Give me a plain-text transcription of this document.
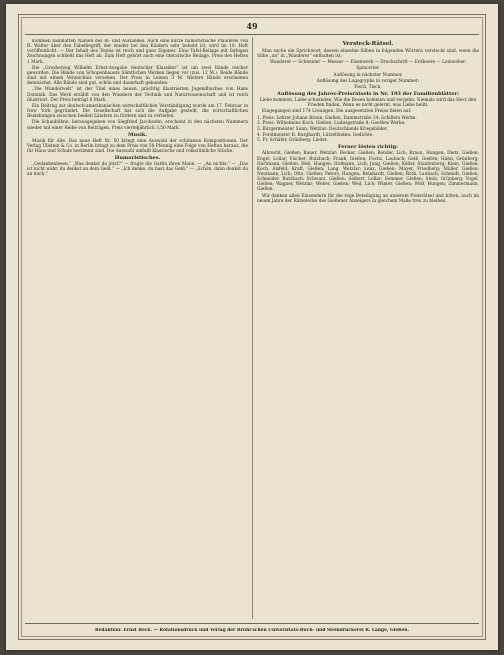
49

kommen namhaften Namen des In- und Auslandes. Auch eine kurze humoristische Plauderei von R. Walter über den Fabelbegriff, der wieder bei den Kindern sehr beliebt ist, wird im 10. Heft veröffentlicht. — Der Inhalt des Textes ist reich und ganz Eigenes. Eine Tafel-Beilage mit farbigen Zeichnungen schließt das Heft ab. Zum Heft gehört auch eine literarische Beilage. Preis des Heftes 1 Mark.

Die „Grosherzog Wilhelm Ernst-Ausgabe deutscher Klassiker“ ist um zwei Bände reicher geworden. Die Bände von Schopenhauers Sämtlichen Werken liegen vor (zus. 12 M.). Beide Bände sind mit einem Verzeichnis versehen. Der Preis in Leinen 3 M. Weitere Bände erscheinen demnächst. Alle Bände sind gut, schön und dauerhaft gebunden.

„Die Wunderwelt“ ist der Titel eines neuen, prächtig illustrierten Jugendbuches von Hans Dominik. Das Werk erzählt von den Wundern der Technik und Naturwissenschaft und ist reich illustriert. Der Preis beträgt 6 Mark.

Ein Beitrag zur deutsch-amerikanischen wirtschaftlichen Verständigung wurde am 17. Februar in New York gegründet. Die Gesellschaft hat sich die Aufgabe gestellt, die wirtschaftlichen Beziehungen zwischen beiden Ländern zu fördern und zu vertiefen.

Die Schaubühne, herausgegeben von Siegfried Jacobsohn, erscheint in den nächsten Nummern wieder mit einer Reihe von Beiträgen. Preis vierteljährlich 3,50 Mark.

Musik.

Musik für Alle. Das neue Heft Nr. 50 bringt eine Auswahl der schönsten Kompositionen. Der Verlag Ullstein & Co. in Berlin bringt zu dem Preis von 50 Pfennig eine Folge von Heften heraus, die für Haus und Schule bestimmt sind. Die Auswahl umfaßt klassische und volkstümliche Stücke.

Humoristisches.

„Gedankenlesen.“ „Was denkst du jetzt?“ — fragte die Gattin ihren Mann. — „An nichts.“ — „Das ist nicht wahr, du denkst an dein Geld.“ — „Ich denke, du hast das Geld.“ — „Schön, dann denkst du an mich.“

Versteck-Rätsel.

Man suche ein Sprichwort, dessen einzelne Silben in folgenden Wörtern versteckt sind, wenn die Silbe „un“ in „Wanderer“ enthalten ist:

Wanderer — Schneider — Messer — Eisenwerk — Druckschrift — Erdbeere — Leinweber.

Spinoviter.

Auflösung in nächster Nummer.

Auflösung des Logogryphs in voriger Nummer:

Fisch, Tisch.

Auflösung des Jahres-Preisrätsels in Nr. 193 der Familienblätter:

Liebe kommen, Liebe schwinden, Wie die Rosen kommen und vergehn; Niemals wird das Herz den Frieden finden, Wenn es nicht gelernt, was Liebe heißt.

Eingegangen sind 174 Lösungen. Die ausgesetzten Preise fielen auf:

1. Preis: Lehrer Johann Braun, Gießen, Dammstraße 34: Schillers Werke.

2. Preis: Wilhelmine Koch, Gießen, Ludwigstraße 8: Goethes Werke.

3. Bürgermeister Sunn, Wetzlar: Deutschlands Kriegsbilder.

4. Forstmeister B. Burghardt, Lützellinden: Gedichte.

5. Fr. Schäfer, Grünberg: Lieder.

Ferner lösten richtig:

Albrecht, Gießen; Bauer, Wetzlar; Becker, Gießen; Bender, Lich; Braun, Hungen; Dietz, Gießen; Engel, Lollar; Fischer, Butzbach; Frank, Gießen; Fuchs, Laubach; Geiß, Gießen; Hahn, Grünberg; Hartmann, Gießen; Heß, Hungen; Hofmann, Lich; Jung, Gießen; Keller, Staufenberg; Klein, Gießen; Koch, Alsfeld; Kraft, Gießen; Lang, Wetzlar; Lenz, Gießen; Mayer, Friedberg; Müller, Gießen; Neumann, Lich; Otto, Gießen; Peters, Hungen; Reinhardt, Gießen; Roth, Laubach; Schmidt, Gießen; Schneider, Butzbach; Schwarz, Gießen; Seibert, Lollar; Sommer, Gießen; Stein, Grünberg; Vogel, Gießen; Wagner, Wetzlar; Weber, Gießen; Weil, Lich; Winter, Gießen; Wolf, Hungen; Zimmermann, Gießen.

Wir danken allen Einsendern für die rege Beteiligung an unserem Preisrätsel und bitten, auch im neuen Jahre der Rätselecke des Gießener Anzeigers in gleichem Maße treu zu bleiben.

Redaktion: Ernst Beck. — Rotationsdruck und Verlag der Brühl'schen Universitäts-Buch- und Steindruckerei R. Lange, Gießen.
